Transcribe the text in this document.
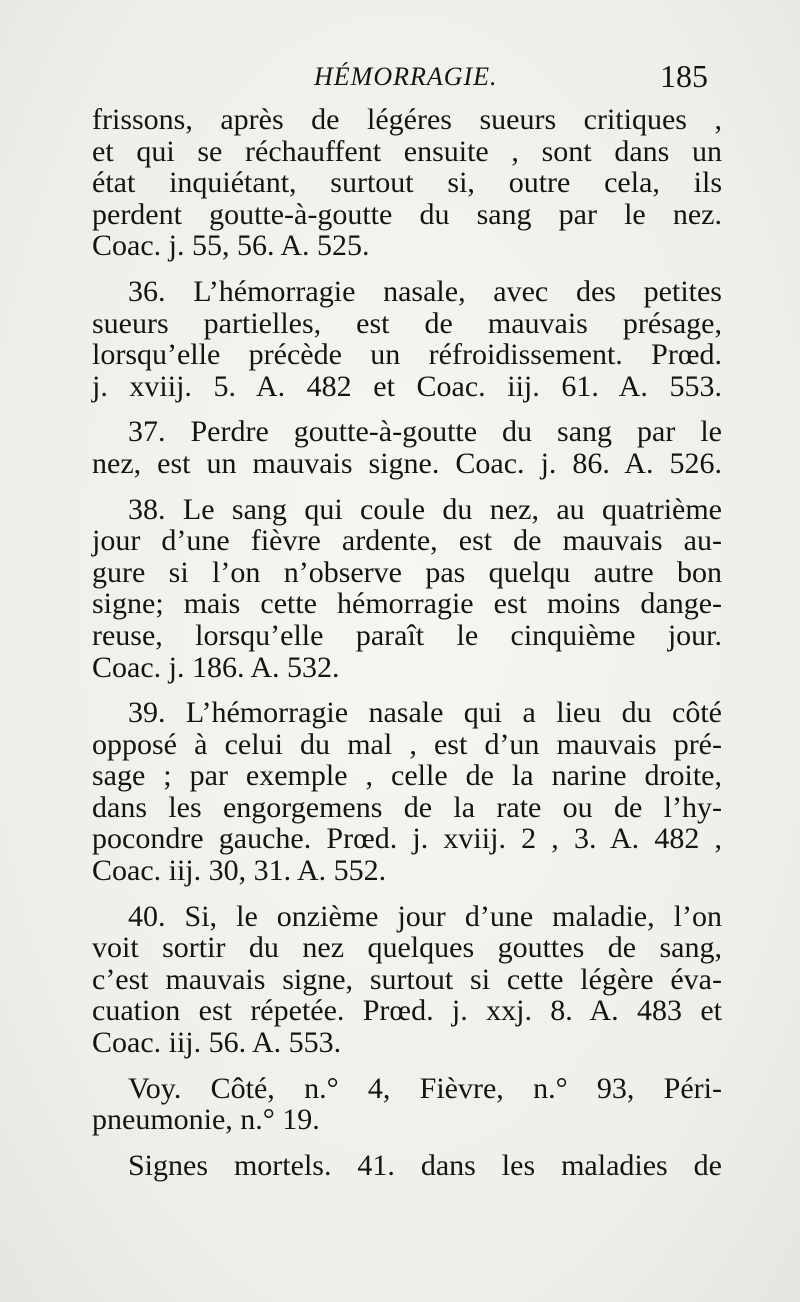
HÉMORRAGIE.	185
frissons, après de légéres sueurs critiques ,
et qui se réchauffent ensuite , sont dans un
état inquiétant, surtout si, outre cela, ils
perdent goutte-à-goutte du sang par le nez.
Coac. j. 55, 56. A. 525.
36. L’hémorragie nasale, avec des petites
sueurs partielles, est de mauvais présage,
lorsqu’elle précède un réfroidissement. Prœd.
j. xviij. 5. A. 482 et Coac. iij. 61. A. 553.
37. Perdre goutte-à-goutte du sang par le
nez, est un mauvais signe. Coac. j. 86. A. 526.
38. Le sang qui coule du nez, au quatrième
jour d’une fièvre ardente, est de mauvais au-
gure si l’on n’observe pas quelqu autre bon
signe; mais cette hémorragie est moins dange-
reuse, lorsqu’elle paraît le cinquième jour.
Coac. j. 186. A. 532.
39. L’hémorragie nasale qui a lieu du côté
opposé à celui du mal , est d’un mauvais pré-
sage ; par exemple , celle de la narine droite,
dans les engorgemens de la rate ou de l’hy-
pocondre gauche. Prœd. j. xviij. 2 , 3. A. 482 ,
Coac. iij. 30, 31. A. 552.
40. Si, le onzième jour d’une maladie, l’on
voit sortir du nez quelques gouttes de sang,
c’est mauvais signe, surtout si cette légère éva-
cuation est répetée. Prœd. j. xxj. 8. A. 483 et
Coac. iij. 56. A. 553.
Voy. Côté, n.° 4, Fièvre, n.° 93, Péri-
pneumonie, n.° 19.
Signes mortels. 41. dans les maladies de
